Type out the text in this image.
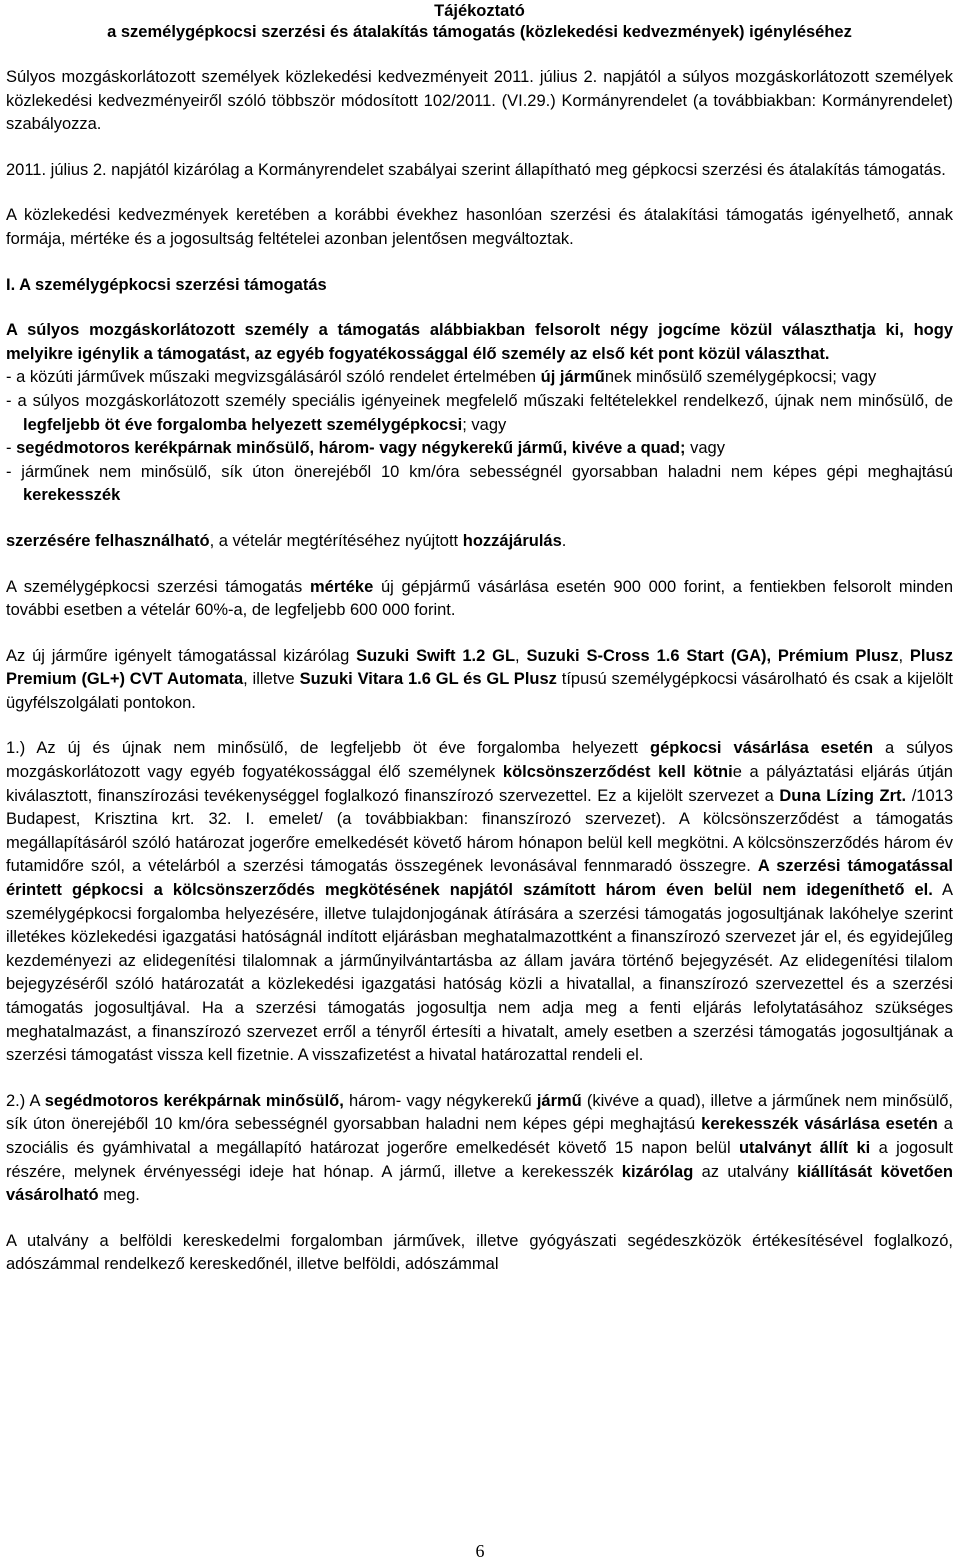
Tájékoztató
a személygépkocsi szerzési és átalakítás támogatás (közlekedési kedvezmények) igényléséhez

Súlyos mozgáskorlátozott személyek közlekedési kedvezményeit 2011. július 2. napjától a súlyos mozgáskorlátozott személyek közlekedési kedvezményeiről szóló többször módosított 102/2011. (VI.29.) Kormányrendelet (a továbbiakban: Kormányrendelet) szabályozza.

2011. július 2. napjától kizárólag a Kormányrendelet szabályai szerint állapítható meg gépkocsi szerzési és átalakítás támogatás.

A közlekedési kedvezmények keretében a korábbi évekhez hasonlóan szerzési és átalakítási támogatás igényelhető, annak formája, mértéke és a jogosultság feltételei azonban jelentősen megváltoztak.

I. A személygépkocsi szerzési támogatás

A súlyos mozgáskorlátozott személy a támogatás alábbiakban felsorolt négy jogcíme közül választhatja ki, hogy melyikre igénylik a támogatást, az egyéb fogyatékossággal élő személy az első két pont közül választhat.

- a közúti járművek műszaki megvizsgálásáról szóló rendelet értelmében új járműnek minősülő személygépkocsi; vagy
- a súlyos mozgáskorlátozott személy speciális igényeinek megfelelő műszaki feltételekkel rendelkező, újnak nem minősülő, de legfeljebb öt éve forgalomba helyezett személygépkocsi; vagy
- segédmotoros kerékpárnak minősülő, három- vagy négykerekű jármű, kivéve a quad; vagy
- járműnek nem minősülő, sík úton önerejéből 10 km/óra sebességnél gyorsabban haladni nem képes gépi meghajtású kerekesszék

szerzésére felhasználható, a vételár megtérítéséhez nyújtott hozzájárulás.

A személygépkocsi szerzési támogatás mértéke új gépjármű vásárlása esetén 900 000 forint, a fentiekben felsorolt minden további esetben a vételár 60%-a, de legfeljebb 600 000 forint.

Az új járműre igényelt támogatással kizárólag Suzuki Swift 1.2 GL, Suzuki S-Cross 1.6 Start (GA), Prémium Plusz, Plusz Premium (GL+) CVT Automata, illetve Suzuki Vitara 1.6 GL és GL Plusz típusú személygépkocsi vásárolható és csak a kijelölt ügyfélszolgálati pontokon.

1.) Az új és újnak nem minősülő, de legfeljebb öt éve forgalomba helyezett gépkocsi vásárlása esetén a súlyos mozgáskorlátozott vagy egyéb fogyatékossággal élő személynek kölcsönszerződést kell kötnie a pályáztatási eljárás útján kiválasztott, finanszírozási tevékenységgel foglalkozó finanszírozó szervezettel. Ez a kijelölt szervezet a Duna Lízing Zrt. /1013 Budapest, Krisztina krt. 32. I. emelet/ (a továbbiakban: finanszírozó szervezet). A kölcsönszerződést a támogatás megállapításáról szóló határozat jogerőre emelkedését követő három hónapon belül kell megkötni. A kölcsönszerződés három év futamidőre szól, a vételárból a szerzési támogatás összegének levonásával fennmaradó összegre. A szerzési támogatással érintett gépkocsi a kölcsönszerződés megkötésének napjától számított három éven belül nem idegeníthető el. A személygépkocsi forgalomba helyezésére, illetve tulajdonjogának átírására a szerzési támogatás jogosultjának lakóhelye szerint illetékes közlekedési igazgatási hatóságnál indított eljárásban meghatalmazottként a finanszírozó szervezet jár el, és egyidejűleg kezdeményezi az elidegenítési tilalomnak a járműnyilvántartásba az állam javára történő bejegyzését. Az elidegenítési tilalom bejegyzéséről szóló határozatát a közlekedési igazgatási hatóság közli a hivatallal, a finanszírozó szervezettel és a szerzési támogatás jogosultjával. Ha a szerzési támogatás jogosultja nem adja meg a fenti eljárás lefolytatásához szükséges meghatalmazást, a finanszírozó szervezet erről a tényről értesíti a hivatalt, amely esetben a szerzési támogatás jogosultjának a szerzési támogatást vissza kell fizetnie. A visszafizetést a hivatal határozattal rendeli el.

2.) A segédmotoros kerékpárnak minősülő, három- vagy négykerekű jármű (kivéve a quad), illetve a járműnek nem minősülő, sík úton önerejéből 10 km/óra sebességnél gyorsabban haladni nem képes gépi meghajtású kerekesszék vásárlása esetén a szociális és gyámhivatal a megállapító határozat jogerőre emelkedését követő 15 napon belül utalványt állít ki a jogosult részére, melynek érvényességi ideje hat hónap. A jármű, illetve a kerekesszék kizárólag az utalvány kiállítását követően vásárolható meg.

A utalvány a belföldi kereskedelmi forgalomban járművek, illetve gyógyászati segédeszközök értékesítésével foglalkozó, adószámmal rendelkező kereskedőnél, illetve belföldi, adószámmal

6
